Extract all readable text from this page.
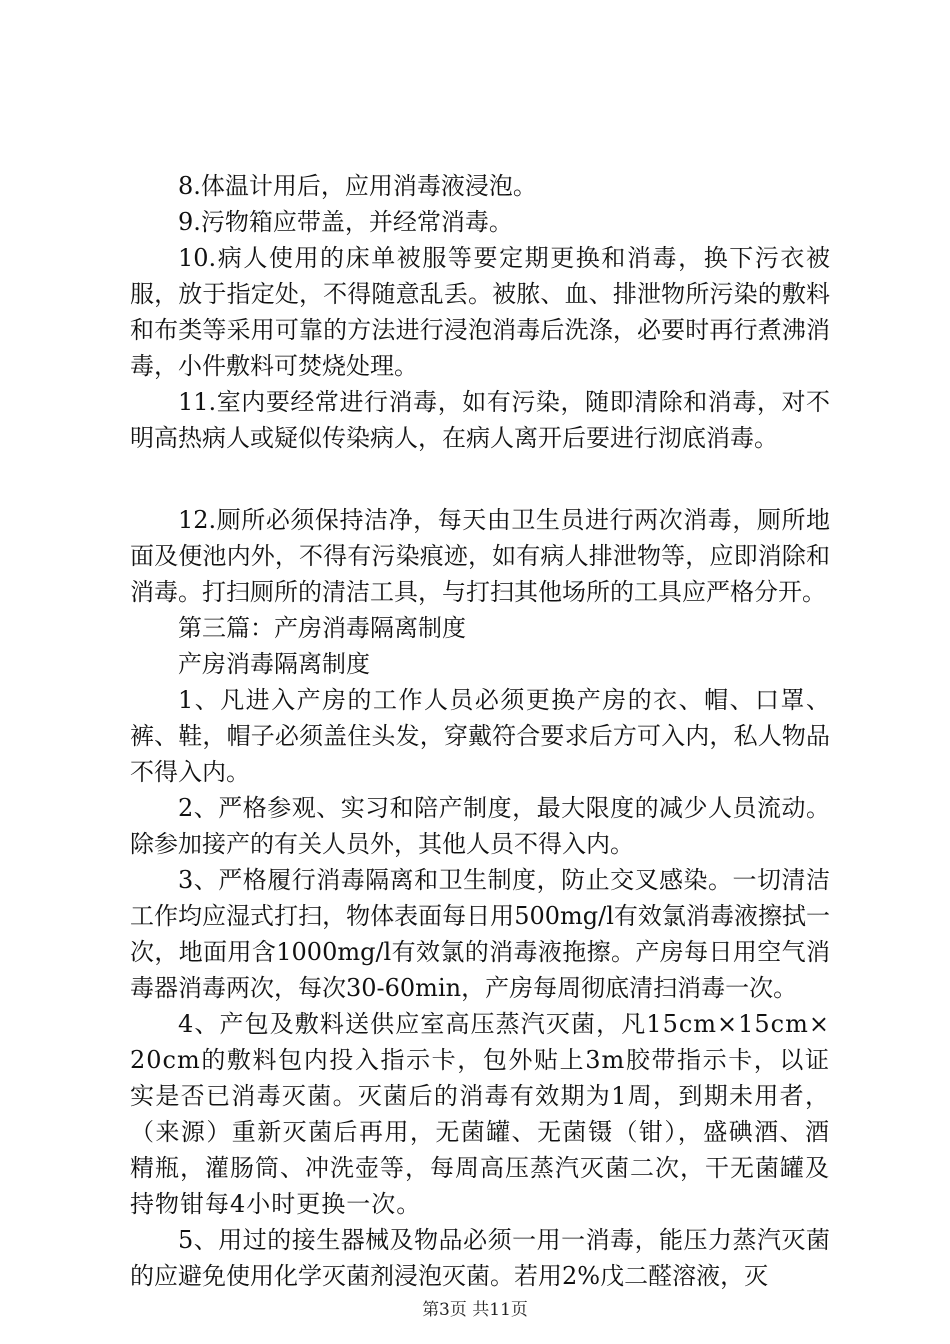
8.体温计用后，应用消毒液浸泡。

9.污物箱应带盖，并经常消毒。

10.病人使用的床单被服等要定期更换和消毒，换下污衣被服，放于指定处，不得随意乱丢。被脓、血、排泄物所污染的敷料和布类等采用可靠的方法进行浸泡消毒后洗涤，必要时再行煮沸消毒，小件敷料可焚烧处理。

11.室内要经常进行消毒，如有污染，随即清除和消毒，对不明高热病人或疑似传染病人，在病人离开后要进行沏底消毒。

12.厕所必须保持洁净，每天由卫生员进行两次消毒，厕所地面及便池内外，不得有污染痕迹，如有病人排泄物等，应即消除和消毒。打扫厕所的清洁工具，与打扫其他场所的工具应严格分开。

第三篇：产房消毒隔离制度

产房消毒隔离制度

1、凡进入产房的工作人员必须更换产房的衣、帽、口罩、裤、鞋，帽子必须盖住头发，穿戴符合要求后方可入内，私人物品不得入内。

2、严格参观、实习和陪产制度，最大限度的减少人员流动。除参加接产的有关人员外，其他人员不得入内。

3、严格履行消毒隔离和卫生制度，防止交叉感染。一切清洁工作均应湿式打扫，物体表面每日用500mg/l有效氯消毒液擦拭一次，地面用含1000mg/l有效氯的消毒液拖擦。产房每日用空气消毒器消毒两次，每次30-60min，产房每周彻底清扫消毒一次。

4、产包及敷料送供应室高压蒸汽灭菌，凡15cm×15cm×20cm的敷料包内投入指示卡，包外贴上3m胶带指示卡，以证实是否已消毒灭菌。灭菌后的消毒有效期为1周，到期未用者，（来源）重新灭菌后再用，无菌罐、无菌镊（钳），盛碘酒、酒精瓶，灌肠筒、冲洗壶等，每周高压蒸汽灭菌二次，干无菌罐及持物钳每4小时更换一次。

5、用过的接生器械及物品必须一用一消毒，能压力蒸汽灭菌的应避免使用化学灭菌剂浸泡灭菌。若用2%戊二醛溶液，灭

第3页 共11页
